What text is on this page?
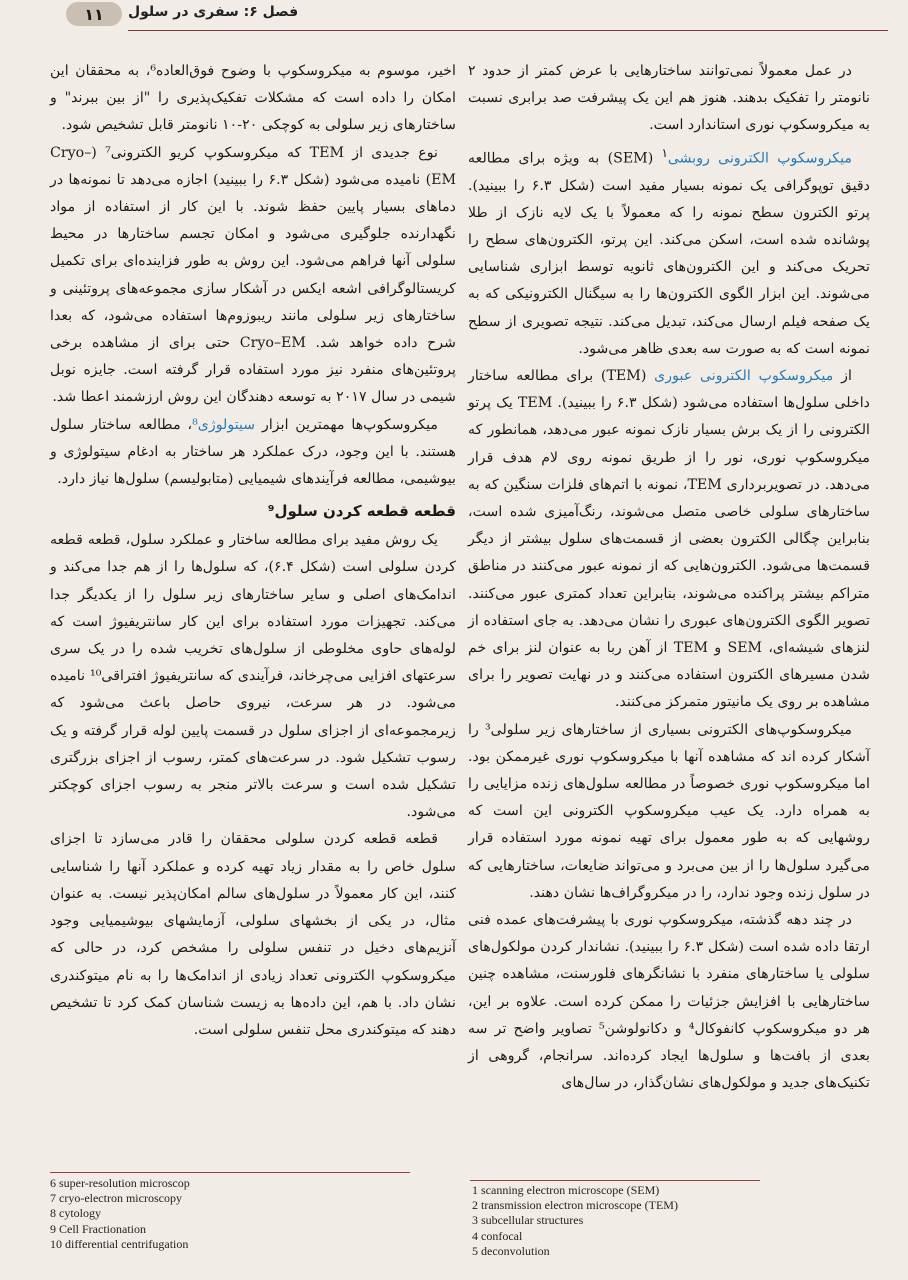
۱۱	فصل ۶: سفری در سلول

در عمل معمولاً نمی‌توانند ساختارهایی با عرض کمتر از حدود ۲ نانومتر را تفکیک بدهند. هنوز هم این یک پیشرفت صد برابری نسبت به میکروسکوپ نوری استاندارد است.

میکروسکوپ الکترونی روبشی$^۱$ (SEM) به ویژه برای مطالعه دقیق توپوگرافی یک نمونه بسیار مفید است (شکل ۶.۳ را ببینید). پرتو الکترون سطح نمونه را که معمولاً با یک لایه نازک از طلا پوشانده شده است، اسکن می‌کند. این پرتو، الکترون‌های سطح را تحریک می‌کند و این الکترون‌های ثانویه توسط ابزاری شناسایی می‌شوند. این ابزار الگوی الکترون‌ها را به سیگنال الکترونیکی که به یک صفحه فیلم ارسال می‌کند، تبدیل می‌کند. نتیجه تصویری از سطح نمونه است که به صورت سه بعدی ظاهر می‌شود.

از میکروسکوپ الکترونی عبوری (TEM) برای مطالعه ساختار داخلی سلول‌ها استفاده می‌شود (شکل ۶.۳ را ببینید). TEM یک پرتو الکترونی را از یک برش بسیار نازک نمونه عبور می‌دهد، همانطور که میکروسکوپ نوری، نور را از طریق نمونه روی لام هدف قرار می‌دهد. در تصویربرداری TEM، نمونه با اتم‌های فلزات سنگین که به ساختارهای سلولی خاصی متصل می‌شوند، رنگ‌آمیزی شده است، بنابراین چگالی الکترون بعضی از قسمت‌های سلول بیشتر از دیگر قسمت‌ها می‌شود. الکترون‌هایی که از نمونه عبور می‌کنند در مناطق متراکم بیشتر پراکنده می‌شوند، بنابراین تعداد کمتری عبور می‌کنند. تصویر الگوی الکترون‌های عبوری را نشان می‌دهد. به جای استفاده از لنزهای شیشه‌ای، SEM و TEM از آهن ربا به عنوان لنز برای خم شدن مسیرهای الکترون استفاده می‌کنند و در نهایت تصویر را برای مشاهده بر روی یک مانیتور متمرکز می‌کنند.

میکروسکوپ‌های الکترونی بسیاری از ساختارهای زیر سلولی³ را آشکار کرده اند که مشاهده آنها با میکروسکوپ نوری غیرممکن بود. اما میکروسکوپ نوری خصوصاً در مطالعه سلول‌های زنده مزایایی را به همراه دارد. یک عیب میکروسکوپ الکترونی این است که روشهایی که به طور معمول برای تهیه نمونه مورد استفاده قرار می‌گیرد سلول‌ها را از بین می‌برد و می‌تواند ضایعات، ساختارهایی که در سلول زنده وجود ندارد، را در میکروگراف‌ها نشان دهند.

در چند دهه گذشته، میکروسکوپ نوری با پیشرفت‌های عمده فنی ارتقا داده شده است (شکل ۶.۳ را ببینید). نشاندار کردن مولکول‌های سلولی یا ساختارهای منفرد با نشانگرهای فلورسنت، مشاهده چنین ساختارهایی با افزایش جزئیات را ممکن کرده است. علاوه بر این، هر دو میکروسکوپ کانفوکال⁴ و دکانولوشن⁵ تصاویر واضح تر سه بعدی از بافت‌ها و سلول‌ها ایجاد کرده‌اند. سرانجام، گروهی از تکنیک‌های جدید و مولکول‌های نشان‌گذار، در سال‌های

اخیر، موسوم به میکروسکوپ با وضوح فوق‌العاده⁶، به محققان این امکان را داده است که مشکلات تفکیک‌پذیری را "از بین ببرند" و ساختارهای زیر سلولی به کوچکی ۲۰-۱۰ نانومتر قابل تشخیص شود.

نوع جدیدی از TEM که میکروسکوپ کریو الکترونی⁷ (Cryo–EM) نامیده می‌شود (شکل ۶.۳ را ببینید) اجازه می‌دهد تا نمونه‌ها در دماهای بسیار پایین حفظ شوند. با این کار از استفاده از مواد نگهدارنده جلوگیری می‌شود و امکان تجسم ساختارها در محیط سلولی آنها فراهم می‌شود. این روش به طور فزاینده‌ای برای تکمیل کریستالوگرافی اشعه ایکس در آشکار سازی مجموعه‌های پروتئینی و ساختارهای زیر سلولی مانند ریبوزوم‌ها استفاده می‌شود، که بعدا شرح داده خواهد شد. Cryo–EM حتی برای از مشاهده برخی پروتئین‌های منفرد نیز مورد استفاده قرار گرفته است. جایزه نوبل شیمی در سال ۲۰۱۷ به توسعه دهندگان این روش ارزشمند اعطا شد.

میکروسکوپ‌ها مهمترین ابزار سیتولوژی⁸، مطالعه ساختار سلول هستند. با این وجود، درک عملکرد هر ساختار به ادغام سیتولوژی و بیوشیمی، مطالعه فرآیندهای شیمیایی (متابولیسم) سلول‌ها نیاز دارد.

قطعه قطعه کردن سلول⁹

یک روش مفید برای مطالعه ساختار و عملکرد سلول، قطعه قطعه کردن سلولی است (شکل ۶.۴)، که سلول‌ها را از هم جدا می‌کند و اندامک‌های اصلی و سایر ساختارهای زیر سلول را از یکدیگر جدا می‌کند. تجهیزات مورد استفاده برای این کار سانتریفیوژ است که لوله‌های حاوی مخلوطی از سلول‌های تخریب شده را در یک سری سرعتهای افزایی می‌چرخاند، فرآیندی که سانتریفیوژ افتراقی¹⁰ نامیده می‌شود. در هر سرعت، نیروی حاصل باعث می‌شود که زیرمجموعه‌ای از اجزای سلول در قسمت پایین لوله قرار گرفته و یک رسوب تشکیل شود. در سرعت‌های کمتر، رسوب از اجزای بزرگتری تشکیل شده است و سرعت بالاتر منجر به رسوب اجزای کوچکتر می‌شود.

قطعه قطعه کردن سلولی محققان را قادر می‌سازد تا اجزای سلول خاص را به مقدار زیاد تهیه کرده و عملکرد آنها را شناسایی کنند، این کار معمولاً در سلول‌های سالم امکان‌پذیر نیست. به عنوان مثال، در یکی از بخشهای سلولی، آزمایشهای بیوشیمیایی وجود آنزیم‌های دخیل در تنفس سلولی را مشخص کرد، در حالی که میکروسکوپ الکترونی تعداد زیادی از اندامک‌ها را به نام میتوکندری نشان داد. با هم، این داده‌ها به زیست شناسان کمک کرد تا تشخیص دهند که میتوکندری محل تنفس سلولی است.

6 super-resolution microscop
7 cryo-electron microscopy
8 cytology
9 Cell Fractionation
10 differential centrifugation
1 scanning electron microscope (SEM)
2 transmission electron microscope (TEM)
3 subcellular structures
4 confocal
5 deconvolution
